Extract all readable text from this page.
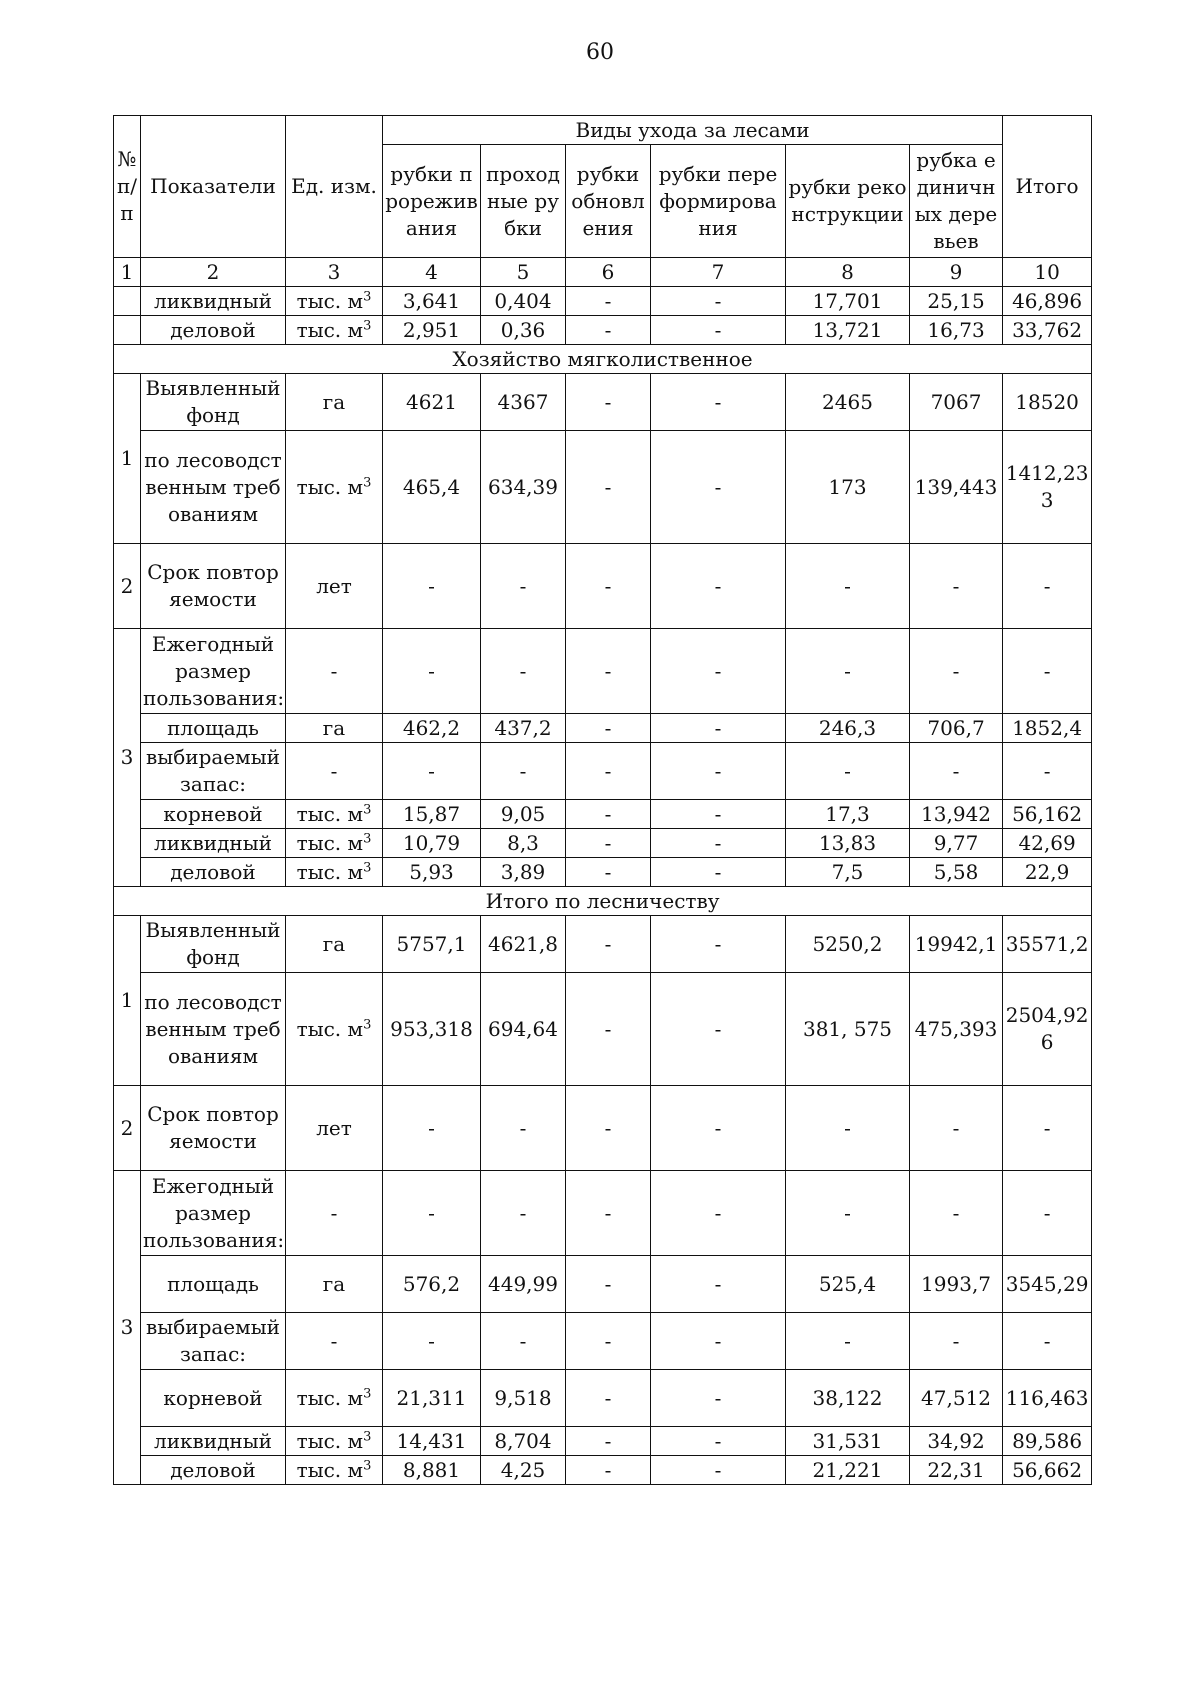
60
№ п/п	Показатели	Ед. изм.	Виды ухода за лесами						Итого
			рубки прореживания	проходные рубки	рубки обновления	рубки переформирования	рубки реконструкции	рубка единичных деревьев	
1	2	3	4	5	6	7	8	9	10
	ликвидный	тыс. $м^3$	3,641	0,404	-	-	17,701	25,15	46,896
	деловой	тыс. $м^3$	2,951	0,36	-	-	13,721	16,73	33,762
Хозяйство мягколиственное									
1	Выявленный фонд	га	4621	4367	-	-	2465	7067	18520
	по лесоводственным требованиям	тыс. $м^3$	465,4	634,39	-	-	173	139,443	1412,233
2	Срок повторяемости	лет	-	-	-	-	-	-	-
3	Ежегодный размер пользования:	-	-	-	-	-	-	-	-
	площадь	га	462,2	437,2	-	-	246,3	706,7	1852,4
	выбираемый запас:	-	-	-	-	-	-	-	-
	корневой	тыс. $м^3$	15,87	9,05	-	-	17,3	13,942	56,162
	ликвидный	тыс. $м^3$	10,79	8,3	-	-	13,83	9,77	42,69
	деловой	тыс. $м^3$	5,93	3,89	-	-	7,5	5,58	22,9
Итого по лесничеству									
1	Выявленный фонд	га	5757,1	4621,8	-	-	5250,2	19942,1	35571,2
	по лесоводственным требованиям	тыс. $м^3$	953,318	694,64	-	-	381, 575	475,393	2504,926
2	Срок повторяемости	лет	-	-	-	-	-	-	-
3	Ежегодный размер пользования:	-	-	-	-	-	-	-	-
	площадь	га	576,2	449,99	-	-	525,4	1993,7	3545,29
	выбираемый запас:	-	-	-	-	-	-	-	-
	корневой	тыс. $м^3$	21,311	9,518	-	-	38,122	47,512	116,463
	ликвидный	тыс. $м^3$	14,431	8,704	-	-	31,531	34,92	89,586
	деловой	тыс. $м^3$	8,881	4,25	-	-	21,221	22,31	56,662
